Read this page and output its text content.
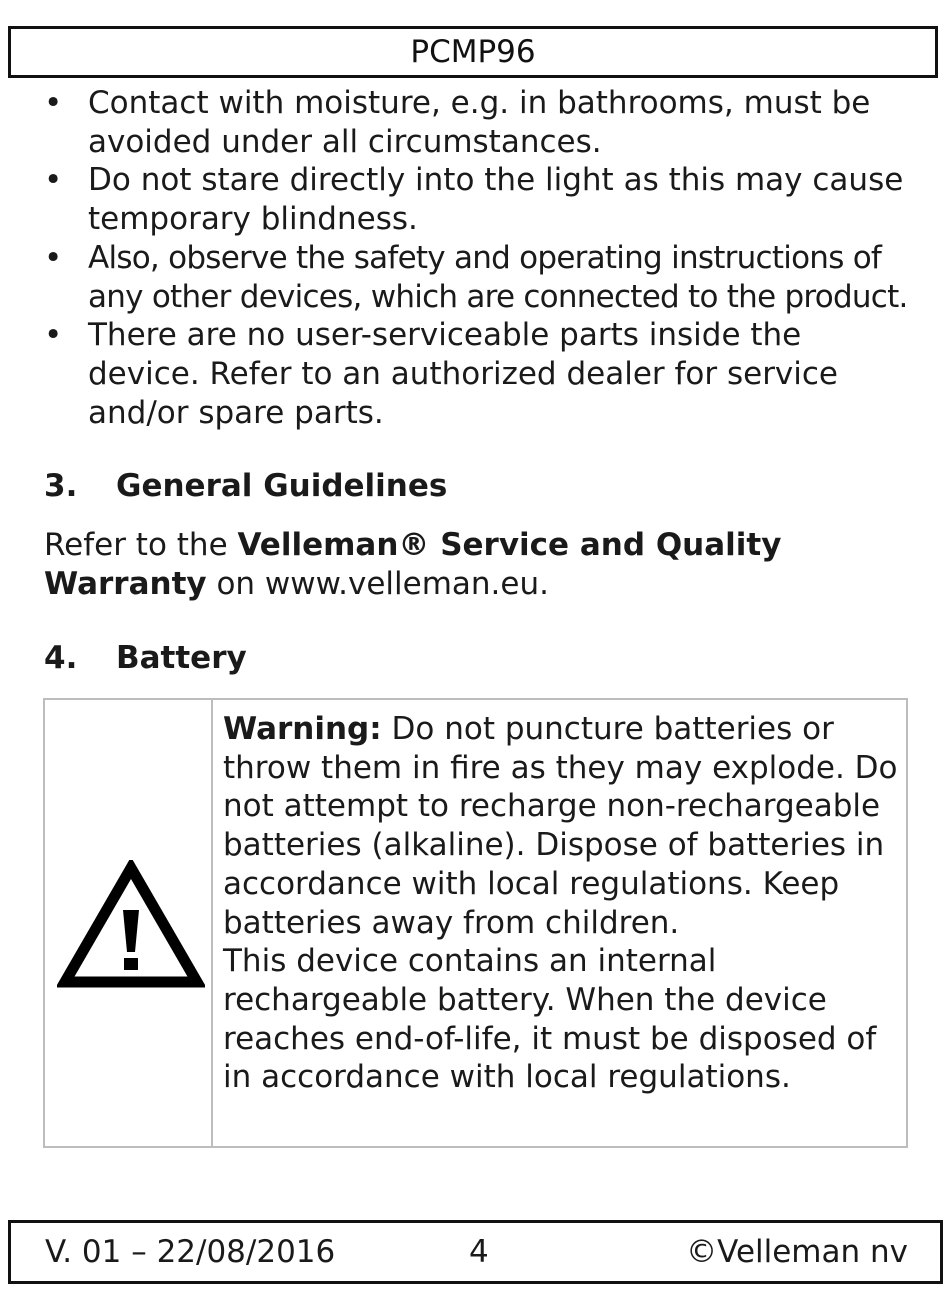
PCMP96
• Contact with moisture, e.g. in bathrooms, must be avoided under all circumstances.
• Do not stare directly into the light as this may cause temporary blindness.
• Also, observe the safety and operating instructions of any other devices, which are connected to the product.
• There are no user-serviceable parts inside the device. Refer to an authorized dealer for service and/or spare parts.
3. General Guidelines
Refer to the Velleman® Service and Quality Warranty on www.velleman.eu.
4. Battery
Warning: Do not puncture batteries or throw them in fire as they may explode. Do not attempt to recharge non-rechargeable batteries (alkaline). Dispose of batteries in accordance with local regulations. Keep batteries away from children.
This device contains an internal rechargeable battery. When the device reaches end-of-life, it must be disposed of in accordance with local regulations.
V. 01 – 22/08/2016	4	©Velleman nv
